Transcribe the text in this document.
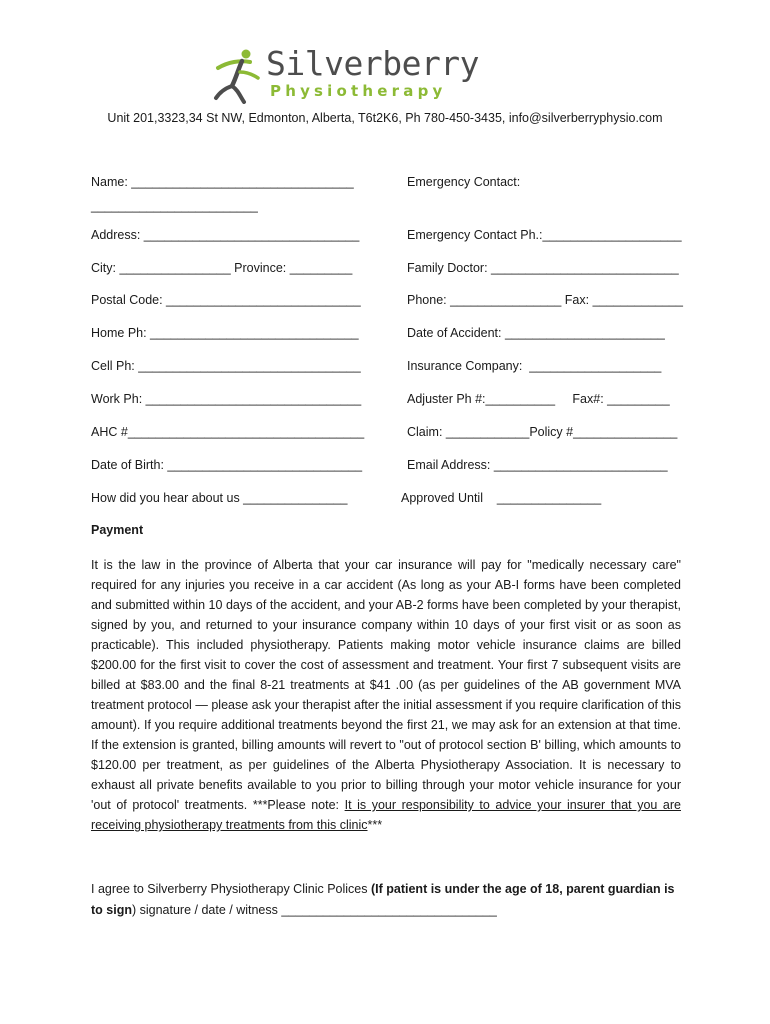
Silverberry
Physiotherapy
Unit 201,3323,34 St NW, Edmonton, Alberta, T6t2K6, Ph 780-450-3435, info@silverberryphysio.com
Name: ________________________________
________________________
Address: _______________________________
City: ________________ Province: _________
Postal Code: ____________________________
Home Ph: ______________________________
Cell Ph: ________________________________
Work Ph: _______________________________
AHC #__________________________________
Date of Birth: ____________________________
How did you hear about us _______________
Emergency Contact:
Emergency Contact Ph.:____________________
Family Doctor: ___________________________
Phone: ________________ Fax: _____________
Date of Accident: _______________________
Insurance Company:  ___________________
Adjuster Ph #:__________     Fax#: _________
Claim: ____________Policy #_______________
Email Address: _________________________
Approved Until    _______________
Payment
It is the law in the province of Alberta that your car insurance will pay for "medically necessary care" required for any injuries you receive in a car accident (As long as your AB-I forms have been completed and submitted within 10 days of the accident, and your AB-2 forms have been completed by your therapist, signed by you, and returned to your insurance company within 10 days of your first visit or as soon as practicable). This included physiotherapy. Patients making motor vehicle insurance claims are billed $200.00 for the first visit to cover the cost of assessment and treatment. Your first 7 subsequent visits are billed at $83.00 and the final 8-21 treatments at $41 .00 (as per guidelines of the AB government MVA treatment protocol — please ask your therapist after the initial assessment if you require clarification of this amount). If you require additional treatments beyond the first 21, we may ask for an extension at that time. If the extension is granted, billing amounts will revert to "out of protocol section B' billing, which amounts to $120.00 per treatment, as per guidelines of the Alberta Physiotherapy Association. It is necessary to exhaust all private benefits available to you prior to billing through your motor vehicle insurance for your 'out of protocol' treatments. ***Please note: It is your responsibility to advice your insurer that you are receiving physiotherapy treatments from this clinic***
I agree to Silverberry Physiotherapy Clinic Polices (If patient is under the age of 18, parent guardian is to sign) signature / date / witness _______________________________
